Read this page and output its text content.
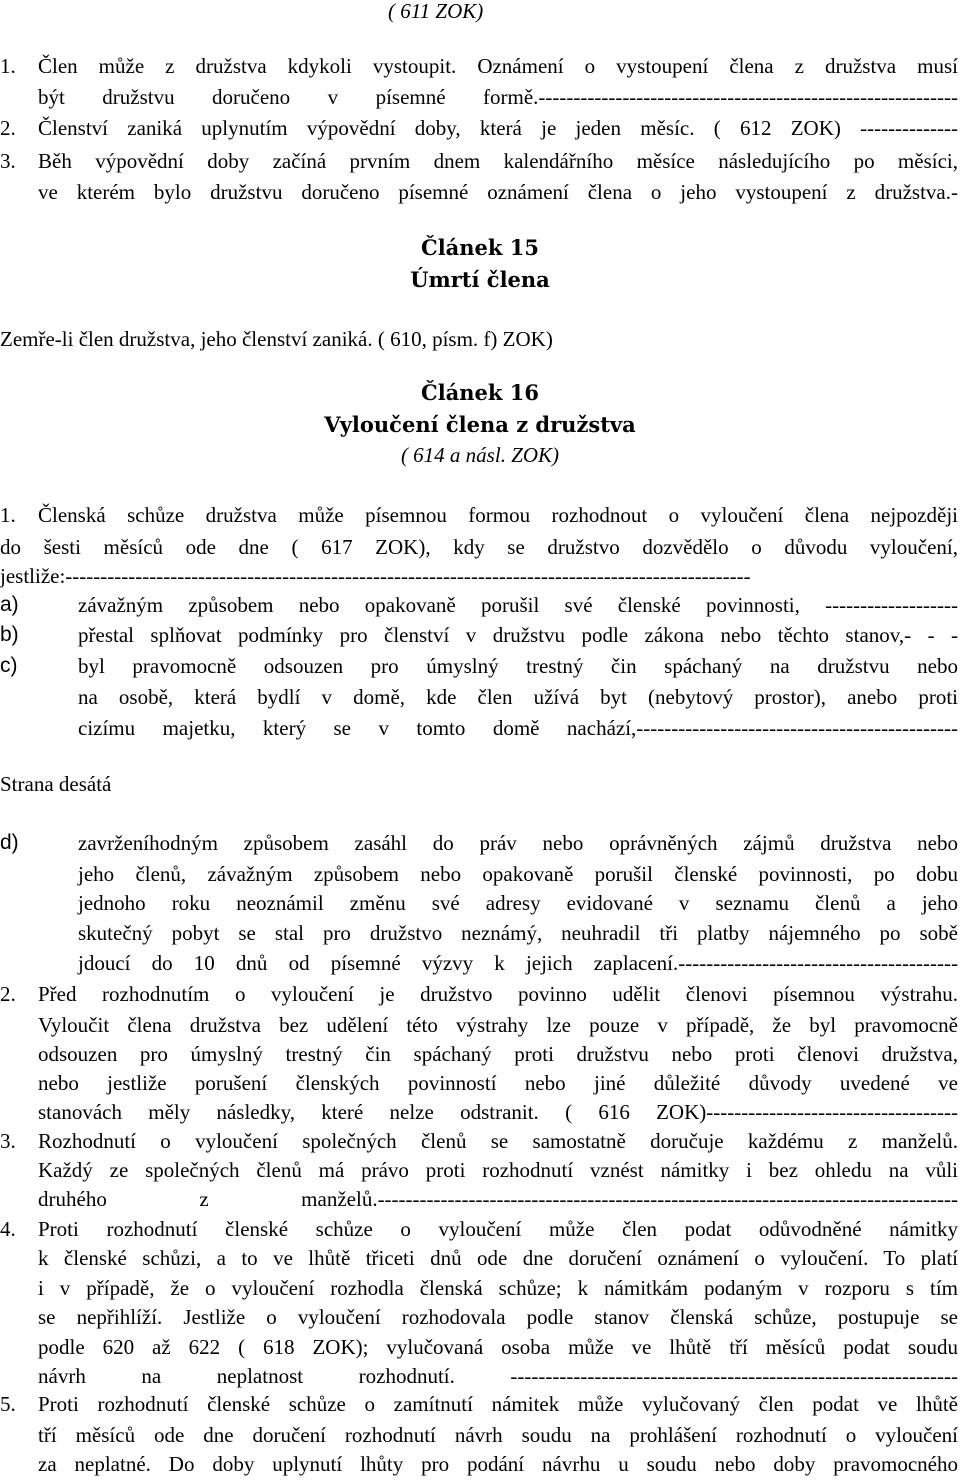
( 611 ZOK)
1.	Člen může z družstva kdykoli vystoupit. Oznámení o vystoupení člena z družstva musí
být družstvu doručeno v písemné formě.------------------------------------------------------------
2.	Členství zaniká uplynutím výpovědní doby, která je jeden měsíc. ( 612 ZOK) --------------
3.	Běh výpovědní doby začíná prvním dnem kalendářního měsíce následujícího po měsíci,
ve kterém bylo družstvu doručeno písemné oznámení člena o jeho vystoupení z družstva.-
Článek 15
Úmrtí člena
Zemře-li člen družstva, jeho členství zaniká. ( 610, písm. f) ZOK)
Článek 16
Vyloučení člena z družstva
( 614 a násl. ZOK)
1.	Členská schůze družstva může písemnou formou rozhodnout o vyloučení člena nejpozději
do šesti měsíců ode dne ( 617 ZOK), kdy se družstvo dozvědělo o důvodu vyloučení,
jestliže:--------------------------------------------------------------------------------------------------
a)	závažným způsobem nebo opakovaně porušil své členské povinnosti, -------------------
b)	přestal splňovat podmínky pro členství v družstvu podle zákona nebo těchto stanov,- - -
c)	byl pravomocně odsouzen pro úmyslný trestný čin spáchaný na družstvu nebo
na osobě, která bydlí v domě, kde člen užívá byt (nebytový prostor), anebo proti
cizímu majetku, který se v tomto domě nachází,----------------------------------------------
Strana desátá
d)	zavrženíhodným způsobem zasáhl do práv nebo oprávněných zájmů družstva nebo
jeho členů, závažným způsobem nebo opakovaně porušil členské povinnosti, po dobu
jednoho roku neoznámil změnu své adresy evidované v seznamu členů a jeho
skutečný pobyt se stal pro družstvo neznámý, neuhradil tři platby nájemného po sobě
jdoucí do 10 dnů od písemné výzvy k jejich zaplacení.----------------------------------------
2.	Před rozhodnutím o vyloučení je družstvo povinno udělit členovi písemnou výstrahu.
Vyloučit člena družstva bez udělení této výstrahy lze pouze v případě, že byl pravomocně
odsouzen pro úmyslný trestný čin spáchaný proti družstvu nebo proti členovi družstva,
nebo jestliže porušení členských povinností nebo jiné důležité důvody uvedené ve
stanovách měly následky, které nelze odstranit. ( 616 ZOK)------------------------------------
3.	Rozhodnutí o vyloučení společných členů se samostatně doručuje každému z manželů.
Každý ze společných členů má právo proti rozhodnutí vznést námitky i bez ohledu na vůli
druhého z manželů.-----------------------------------------------------------------------------------
4.	Proti rozhodnutí členské schůze o vyloučení může člen podat odůvodněné námitky
k členské schůzi, a to ve lhůtě třiceti dnů ode dne doručení oznámení o vyloučení. To platí
i v případě, že o vyloučení rozhodla členská schůze; k námitkám podaným v rozporu s tím
se nepřihlíží. Jestliže o vyloučení rozhodovala podle stanov členská schůze, postupuje se
podle 620 až 622 ( 618 ZOK); vylučovaná osoba může ve lhůtě tří měsíců podat soudu
návrh na neplatnost rozhodnutí. ----------------------------------------------------------------
5.	Proti rozhodnutí členské schůze o zamítnutí námitek může vylučovaný člen podat ve lhůtě
tří měsíců ode dne doručení rozhodnutí návrh soudu na prohlášení rozhodnutí o vyloučení
za neplatné. Do doby uplynutí lhůty pro podání návrhu u soudu nebo doby pravomocného
